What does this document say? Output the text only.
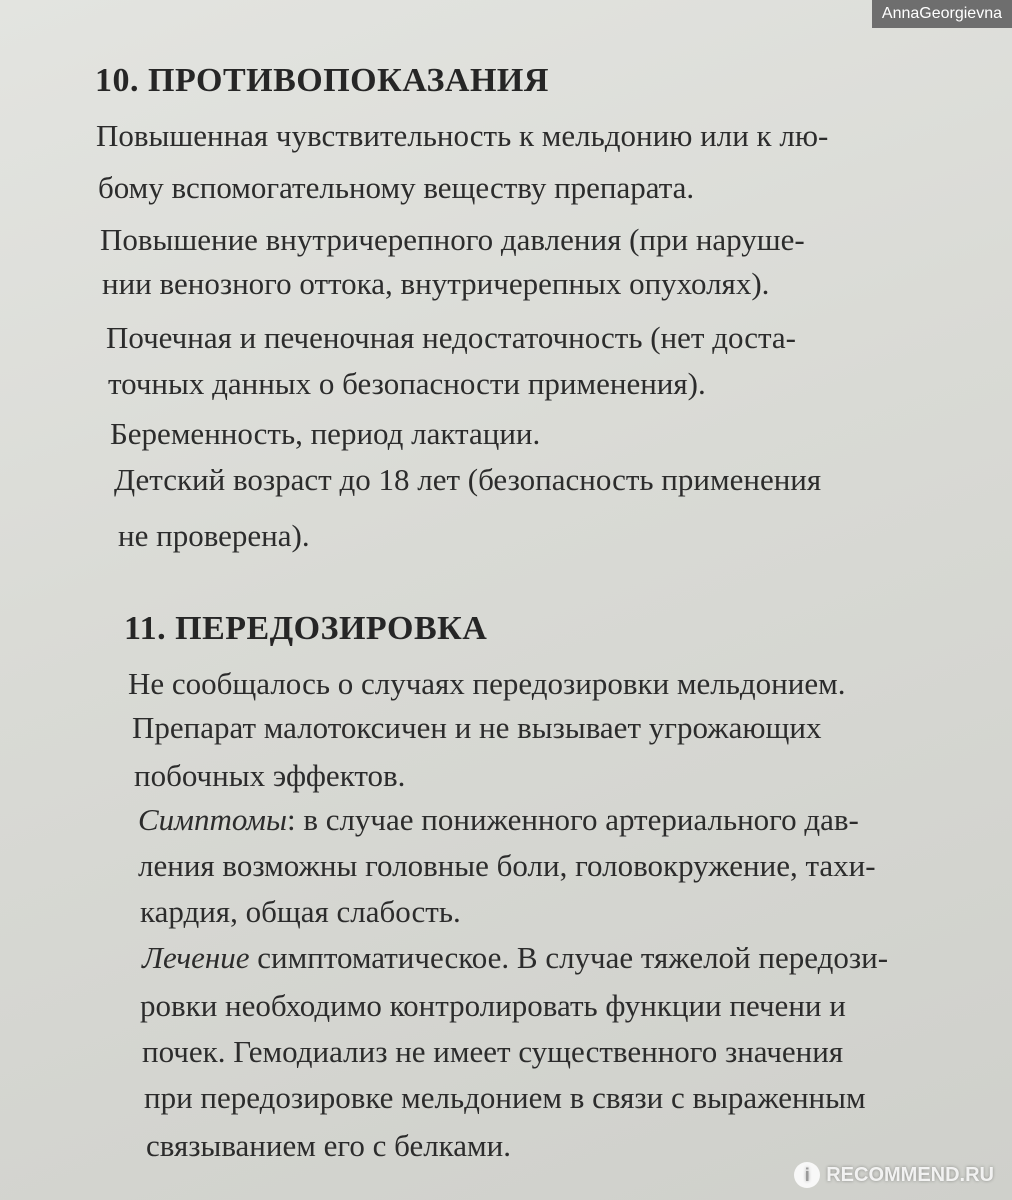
10. ПРОТИВОПОКАЗАНИЯ
Повышенная чувствительность к мельдонию или к лю-
бому вспомогательному веществу препарата.
Повышение внутричерепного давления (при наруше-
нии венозного оттока, внутричерепных опухолях).
Почечная и печеночная недостаточность (нет доста-
точных данных о безопасности применения).
Беременность, период лактации.
Детский возраст до 18 лет (безопасность применения
не проверена).
11. ПЕРЕДОЗИРОВКА
Не сообщалось о случаях передозировки мельдонием.
Препарат малотоксичен и не вызывает угрожающих
побочных эффектов.
Симптомы: в случае пониженного артериального дав-
ления возможны головные боли, головокружение, тахи-
кардия, общая слабость.
Лечение симптоматическое. В случае тяжелой передози-
ровки необходимо контролировать функции печени и
почек. Гемодиализ не имеет существенного значения
при передозировке мельдонием в связи с выраженным
связыванием его с белками.
AnnaGeorgievna
i RECOMMEND.RU
